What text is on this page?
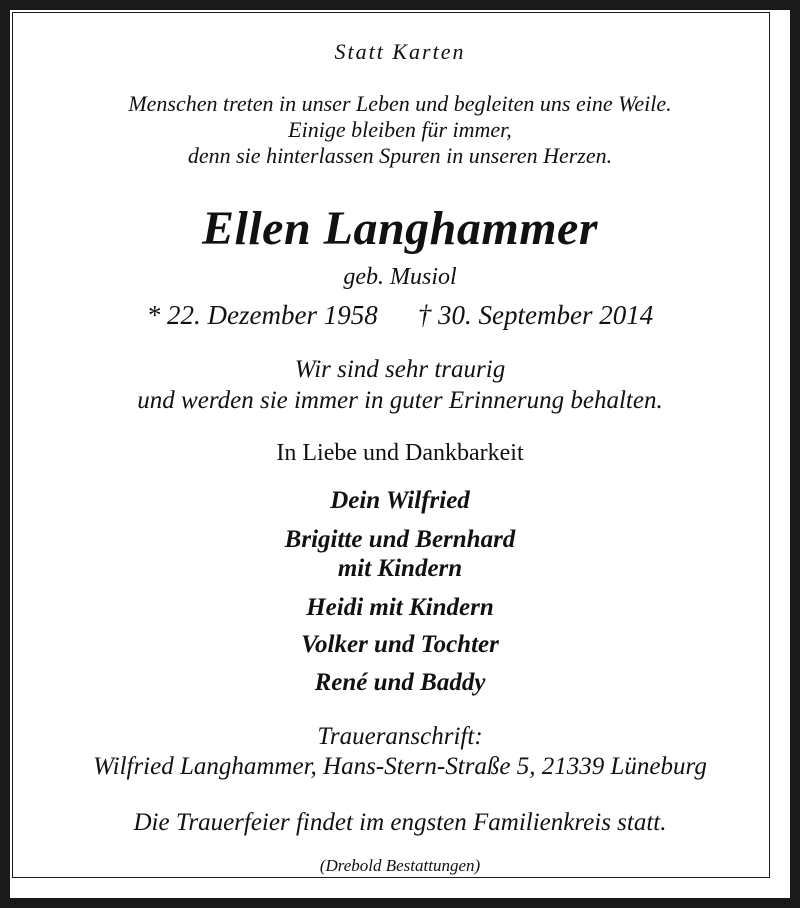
Statt Karten
Menschen treten in unser Leben und begleiten uns eine Weile.
Einige bleiben für immer,
denn sie hinterlassen Spuren in unseren Herzen.
Ellen Langhammer
geb. Musiol
* 22. Dezember 1958 † 30. September 2014
Wir sind sehr traurig
und werden sie immer in guter Erinnerung behalten.
In Liebe und Dankbarkeit
Dein Wilfried
Brigitte und Bernhard
mit Kindern
Heidi mit Kindern
Volker und Tochter
René und Baddy
Traueranschrift:
Wilfried Langhammer, Hans-Stern-Straße 5, 21339 Lüneburg
Die Trauerfeier findet im engsten Familienkreis statt.
(Drebold Bestattungen)
